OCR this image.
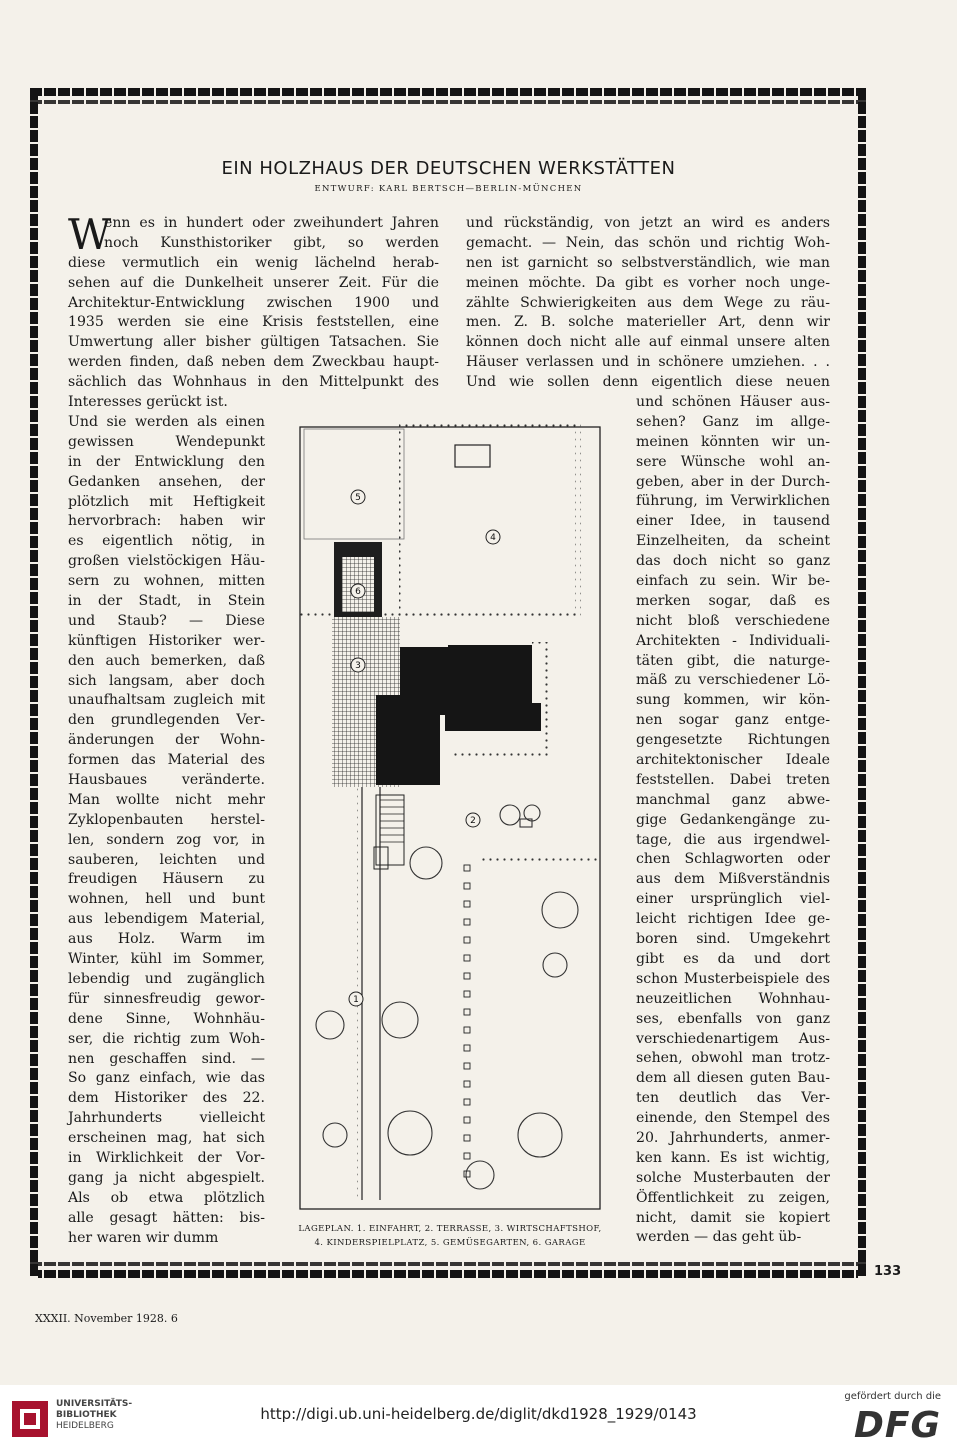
EIN HOLZHAUS DER DEUTSCHEN WERKSTÄTTEN
ENTWURF: KARL BERTSCH—BERLIN-MÜNCHEN
W
enn es in hundert oder zweihundert Jahren
noch Kunsthistoriker gibt, so werden
diese vermutlich ein wenig lächelnd herab-
sehen auf die Dunkelheit unserer Zeit. Für die
Architektur-Entwicklung zwischen 1900 und
1935 werden sie eine Krisis feststellen, eine
Umwertung aller bisher gültigen Tatsachen. Sie
werden finden, daß neben dem Zweckbau haupt-
sächlich das Wohnhaus in den Mittelpunkt des
Interesses gerückt ist.
Und sie werden als einen
gewissen Wendepunkt
in der Entwicklung den
Gedanken ansehen, der
plötzlich mit Heftigkeit
hervorbrach: haben wir
es eigentlich nötig, in
großen vielstöckigen Häu-
sern zu wohnen, mitten
in der Stadt, in Stein
und Staub? — Diese
künftigen Historiker wer-
den auch bemerken, daß
sich langsam, aber doch
unaufhaltsam zugleich mit
den grundlegenden Ver-
änderungen der Wohn-
formen das Material des
Hausbaues veränderte.
Man wollte nicht mehr
Zyklopenbauten herstel-
len, sondern zog vor, in
sauberen, leichten und
freudigen Häusern zu
wohnen, hell und bunt
aus lebendigem Material,
aus Holz. Warm im
Winter, kühl im Sommer,
lebendig und zugänglich
für sinnesfreudig gewor-
dene Sinne, Wohnhäu-
ser, die richtig zum Woh-
nen geschaffen sind. —
So ganz einfach, wie das
dem Historiker des 22.
Jahrhunderts vielleicht
erscheinen mag, hat sich
in Wirklichkeit der Vor-
gang ja nicht abgespielt.
Als ob etwa plötzlich
alle gesagt hätten: bis-
her waren wir dumm
und rückständig, von jetzt an wird es anders
gemacht. — Nein, das schön und richtig Woh-
nen ist garnicht so selbstverständlich, wie man
meinen möchte. Da gibt es vorher noch unge-
zählte Schwierigkeiten aus dem Wege zu räu-
men. Z. B. solche materieller Art, denn wir
können doch nicht alle auf einmal unsere alten
Häuser verlassen und in schönere umziehen. . .
Und wie sollen denn eigentlich diese neuen
und schönen Häuser aus-
sehen? Ganz im allge-
meinen könnten wir un-
sere Wünsche wohl an-
geben, aber in der Durch-
führung, im Verwirklichen
einer Idee, in tausend
Einzelheiten, da scheint
das doch nicht so ganz
einfach zu sein. Wir be-
merken sogar, daß es
nicht bloß verschiedene
Architekten - Individuali-
täten gibt, die naturge-
mäß zu verschiedener Lö-
sung kommen, wir kön-
nen sogar ganz entge-
gengesetzte Richtungen
architektonischer Ideale
feststellen. Dabei treten
manchmal ganz abwe-
gige Gedankengänge zu-
tage, die aus irgendwel-
chen Schlagworten oder
aus dem Mißverständnis
einer ursprünglich viel-
leicht richtigen Idee ge-
boren sind. Umgekehrt
gibt es da und dort
schon Musterbeispiele des
neuzeitlichen Wohnhau-
ses, ebenfalls von ganz
verschiedenartigem Aus-
sehen, obwohl man trotz-
dem all diesen guten Bau-
ten deutlich das Ver-
einende, den Stempel des
20. Jahrhunderts, anmer-
ken kann. Es ist wichtig,
solche Musterbauten der
Öffentlichkeit zu zeigen,
nicht, damit sie kopiert
werden — das geht üb-
5
4
6
3
2
1
LAGEPLAN. 1. EINFAHRT, 2. TERRASSE, 3. WIRTSCHAFTSHOF,
4. KINDERSPIELPLATZ, 5. GEMÜSEGARTEN, 6. GARAGE
133
XXXII. November 1928. 6
UNIVERSITÄTS-
BIBLIOTHEK
HEIDELBERG
http://digi.ub.uni-heidelberg.de/diglit/dkd1928_1929/0143
gefördert durch die
DFG
